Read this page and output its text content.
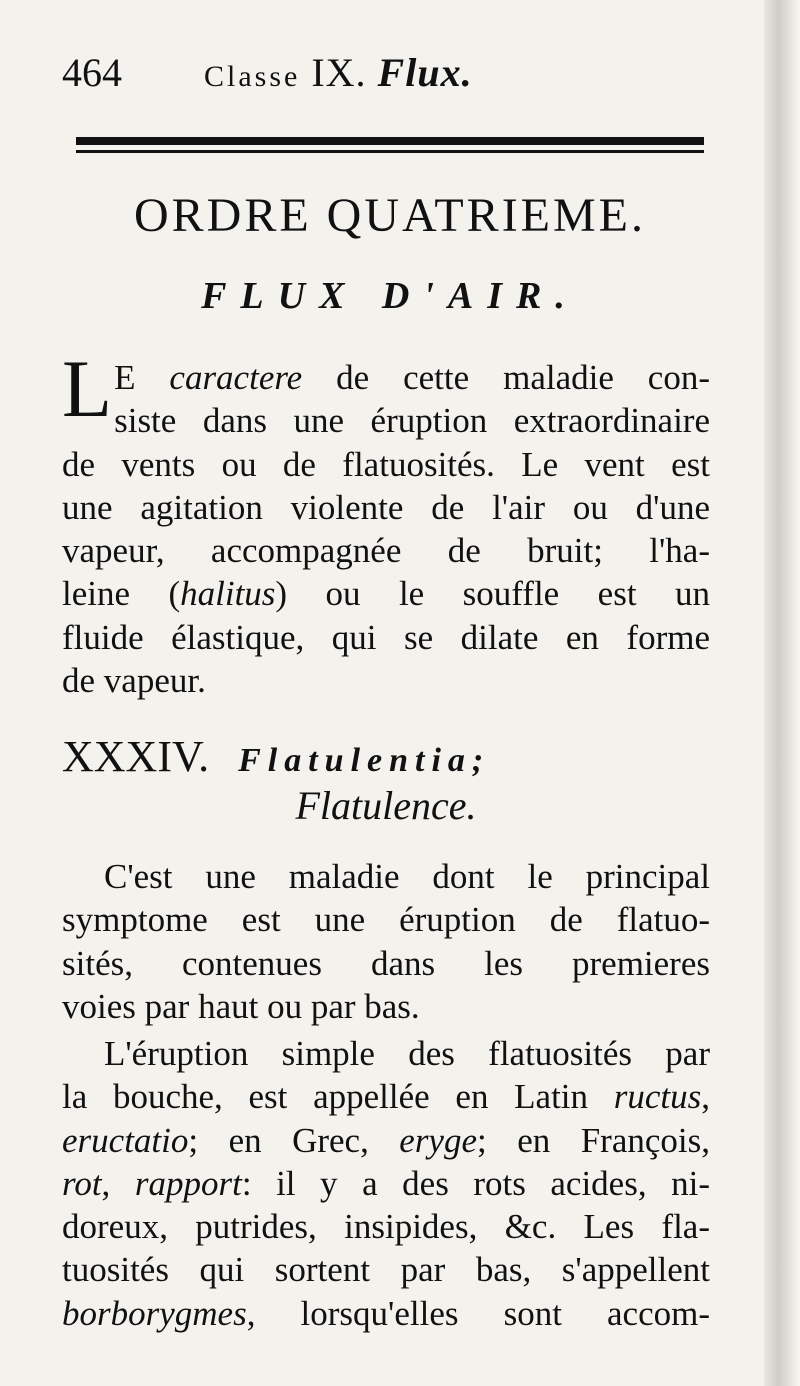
464	Classe IX. Flux.
ORDRE QUATRIEME.
FLUX D'AIR.
L E caractere de cette maladie con-
siste dans une éruption extraordinaire
de vents ou de flatuosités. Le vent est
une agitation violente de l'air ou d'une
vapeur, accompagnée de bruit; l'ha-
leine (halitus) ou le souffle est un
fluide élastique, qui se dilate en forme
de vapeur.
XXXIV. Flatulentia;
Flatulence.
C'est une maladie dont le principal
symptome est une éruption de flatuo-
sités, contenues dans les premieres
voies par haut ou par bas.
L'éruption simple des flatuosités par
la bouche, est appellée en Latin ructus,
eructatio; en Grec, eryge; en François,
rot, rapport: il y a des rots acides, ni-
doreux, putrides, insipides, &c. Les fla-
tuosités qui sortent par bas, s'appellent
borborygmes, lorsqu'elles sont accom-
